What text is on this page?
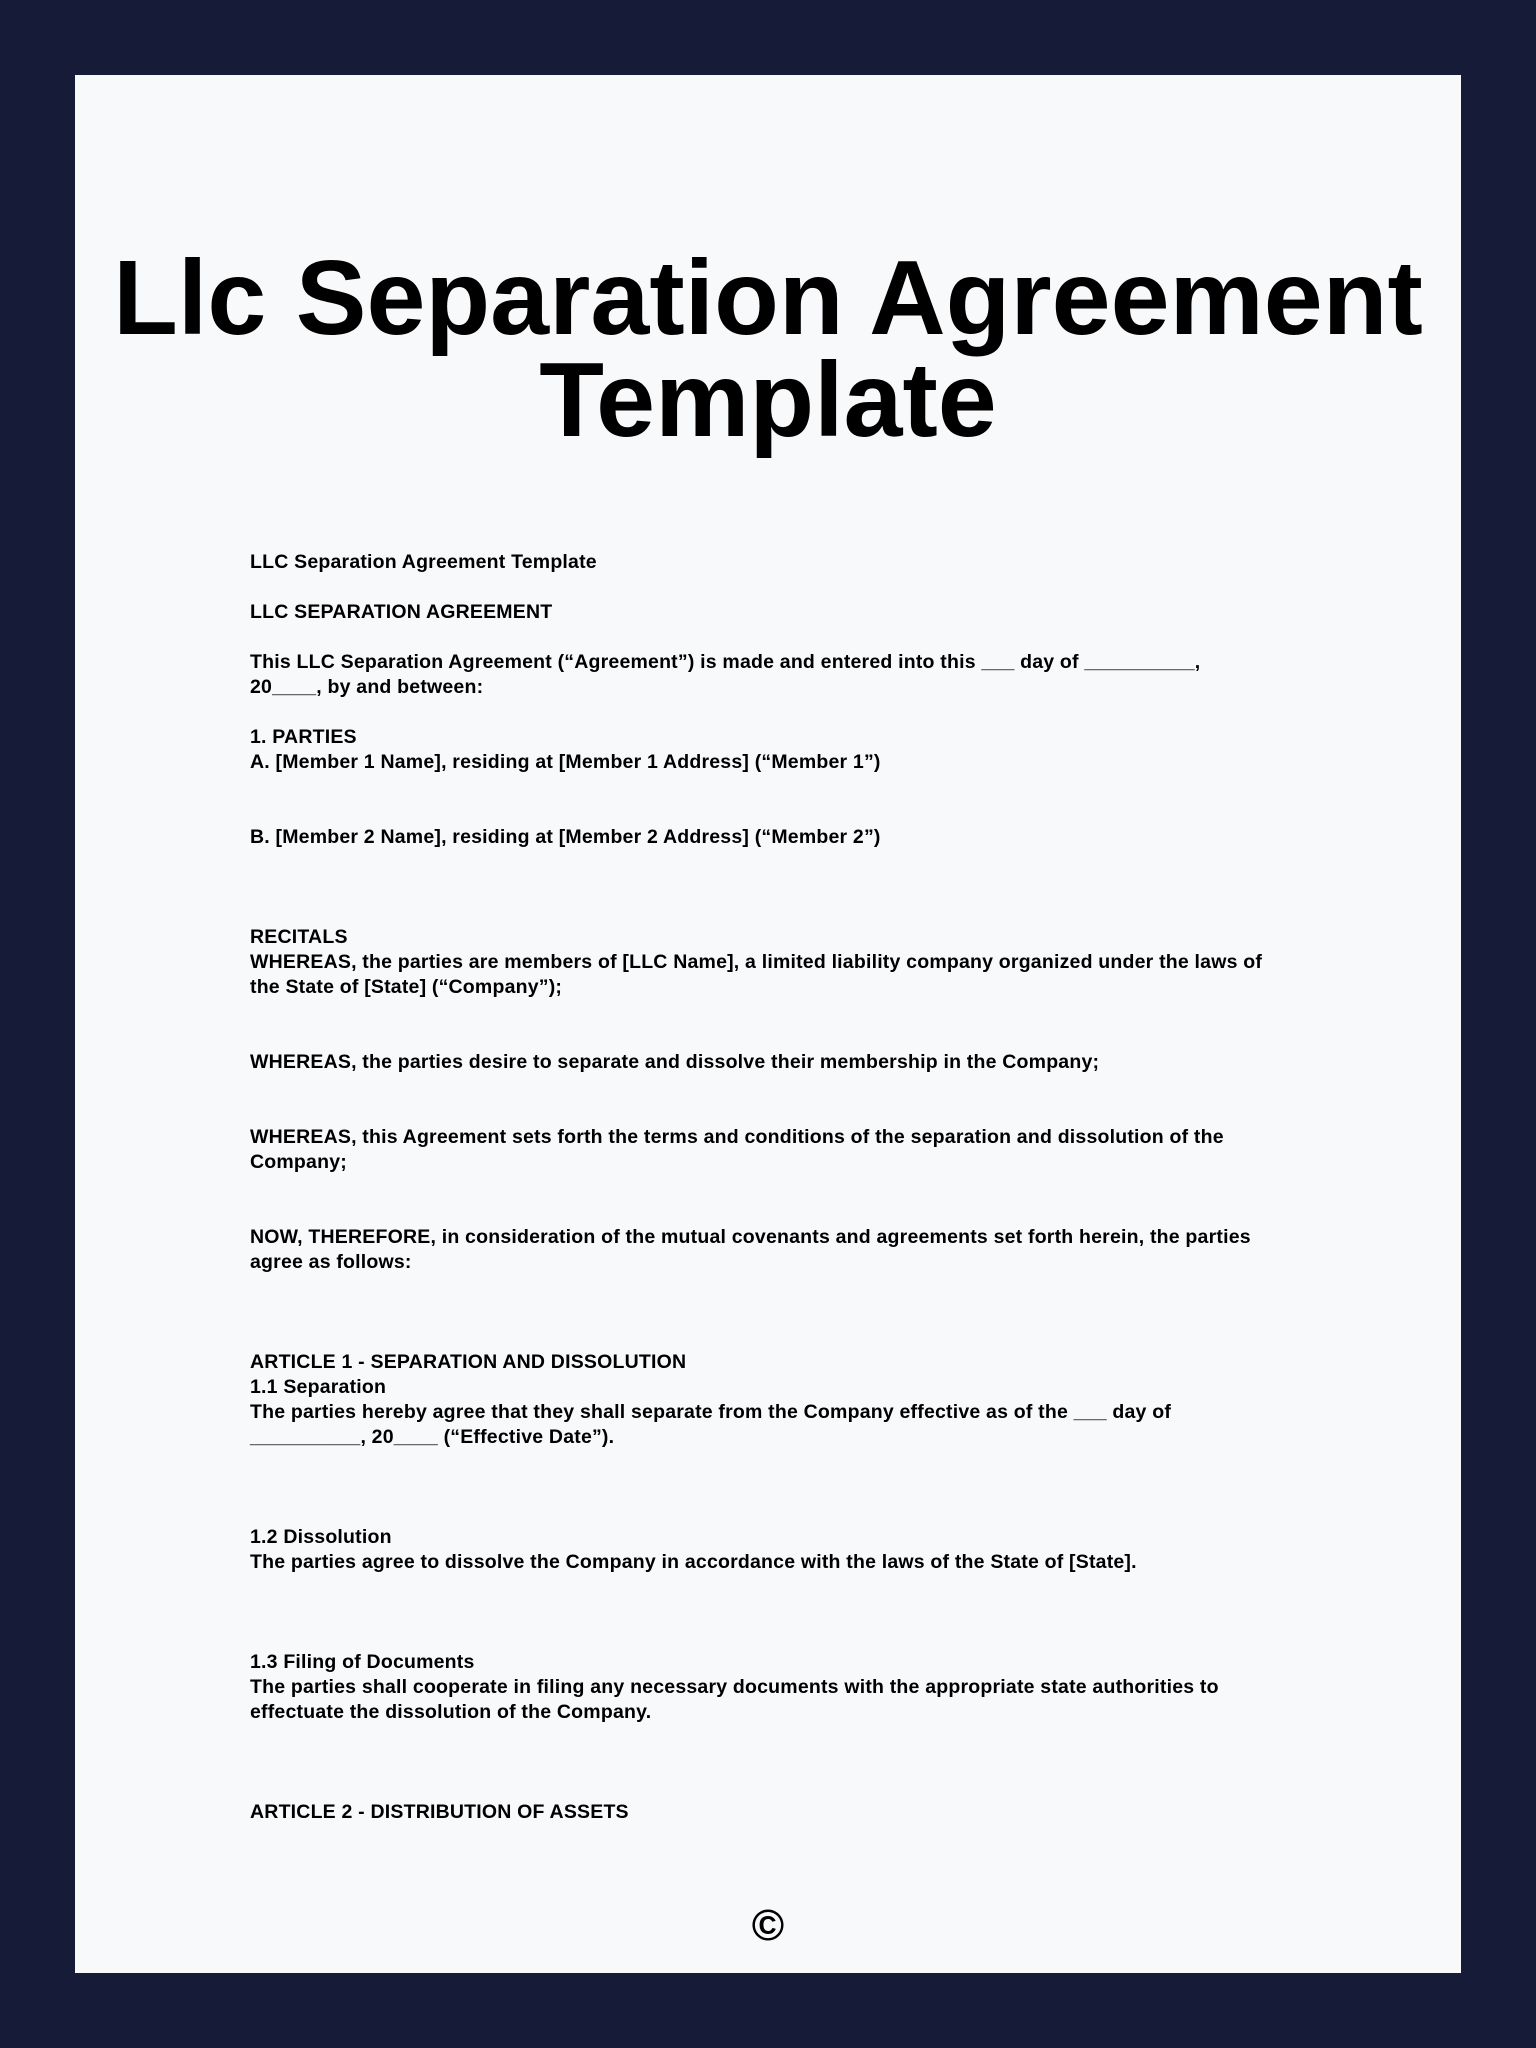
Llc Separation Agreement Template

LLC Separation Agreement Template

LLC SEPARATION AGREEMENT

This LLC Separation Agreement (“Agreement”) is made and entered into this ___ day of __________,
20____, by and between:
1. PARTIES
A. [Member 1 Name], residing at [Member 1 Address] (“Member 1”)
B. [Member 2 Name], residing at [Member 2 Address] (“Member 2”)
RECITALS
WHEREAS, the parties are members of [LLC Name], a limited liability company organized under the laws of
the State of [State] (“Company”);
WHEREAS, the parties desire to separate and dissolve their membership in the Company;
WHEREAS, this Agreement sets forth the terms and conditions of the separation and dissolution of the
Company;
NOW, THEREFORE, in consideration of the mutual covenants and agreements set forth herein, the parties
agree as follows:
ARTICLE 1 - SEPARATION AND DISSOLUTION
1.1 Separation
The parties hereby agree that they shall separate from the Company effective as of the ___ day of
__________, 20____ (“Effective Date”).
1.2 Dissolution
The parties agree to dissolve the Company in accordance with the laws of the State of [State].
1.3 Filing of Documents
The parties shall cooperate in filing any necessary documents with the appropriate state authorities to
effectuate the dissolution of the Company.
ARTICLE 2 - DISTRIBUTION OF ASSETS
©
